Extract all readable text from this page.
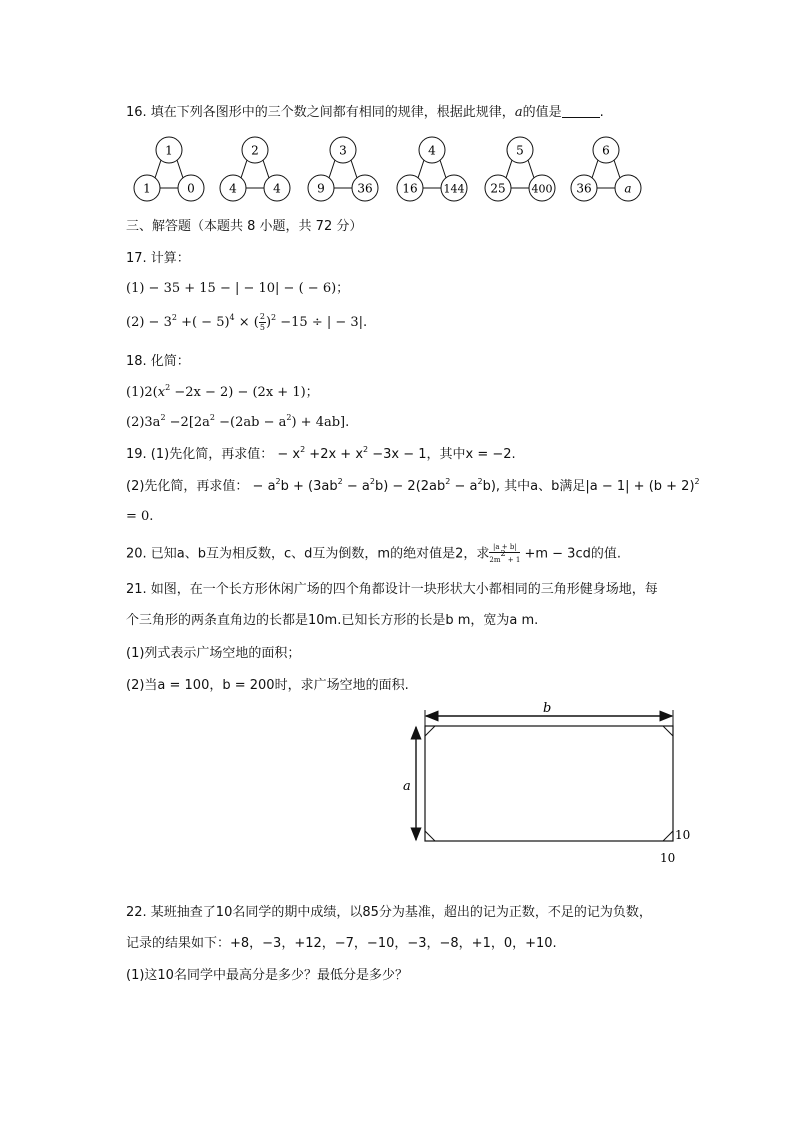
16. 填在下列各图形中的三个数之间都有相同的规律，根据此规律，a的值是	.
1
1	0
2
4	4
3
9	36
4
16 144
5
25 400
6
36	a
三、解答题（本题共 8 小题，共 72 分）
17. 计算：
(1) − 35 + 15 − | − 10| − ( − 6)；
$(2) - 3^2$ +( − 5)$^4$ × ( $\frac{2}{5} )^2 -15$ ÷ | − 3|.
18. 化简：
$(1)2(x^2 -2x - 2) - (2x + 1)$；
$(2)3a^2 -2[2a^2 -(2ab - a^2) + 4ab]$.
19. (1)先化简，再求值： − $x^2 +2x + x^2 -3x - 1$，其中x = −2.
(2)先化简，再求值： − $a^2b + (3ab^2 - a^2b) - 2(2ab^2 - a^2b)$, 其中a、b满足$|a - 1| + (b + 2)^2$
= 0.
20. 已知a、b互为相反数，c、d互为倒数，m的绝对值是2，求 $\frac{|a + b|}{2m^2 + 1} +m - 3cd$的值.
21. 如图，在一个长方形休闲广场的四个角都设计一块形状大小都相同的三角形健身场地，每
个三角形的两条直角边的长都是10m.已知长方形的长是b m，宽为a m.
(1)列式表示广场空地的面积；
(2)当a = 100，b = 200时，求广场空地的面积.
b
a
10
10
22. 某班抽查了10名同学的期中成绩，以85分为基准，超出的记为正数，不足的记为负数，
记录的结果如下：+8，−3，+12，−7，−10，−3，−8，+1，0，+10.
(1)这10名同学中最高分是多少？最低分是多少？
